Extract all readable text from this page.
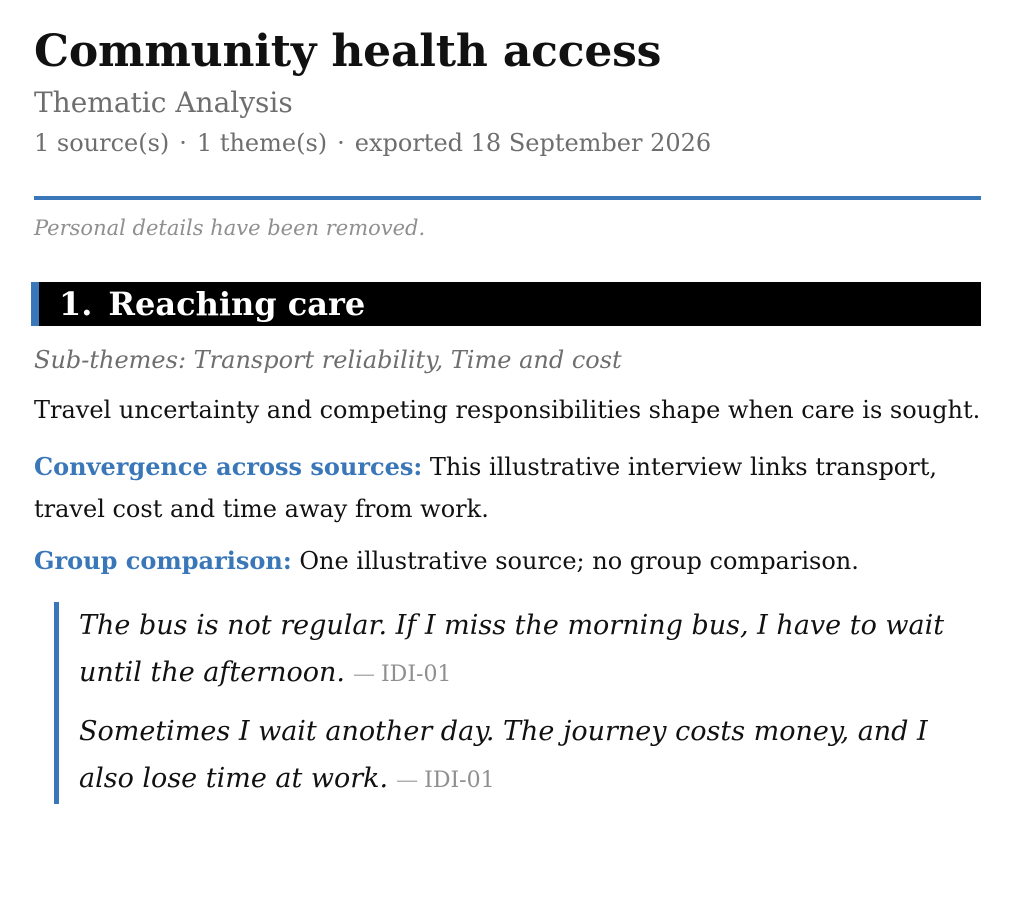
Community health access
Thematic Analysis
1 source(s) · 1 theme(s) · exported 18 September 2026
Personal details have been removed.
1. Reaching care
Sub-themes: Transport reliability, Time and cost
Travel uncertainty and competing responsibilities shape when care is sought.
Convergence across sources: This illustrative interview links transport, travel cost and time away from work.
Group comparison: One illustrative source; no group comparison.
The bus is not regular. If I miss the morning bus, I have to wait until the afternoon. — IDI-01
Sometimes I wait another day. The journey costs money, and I also lose time at work. — IDI-01
